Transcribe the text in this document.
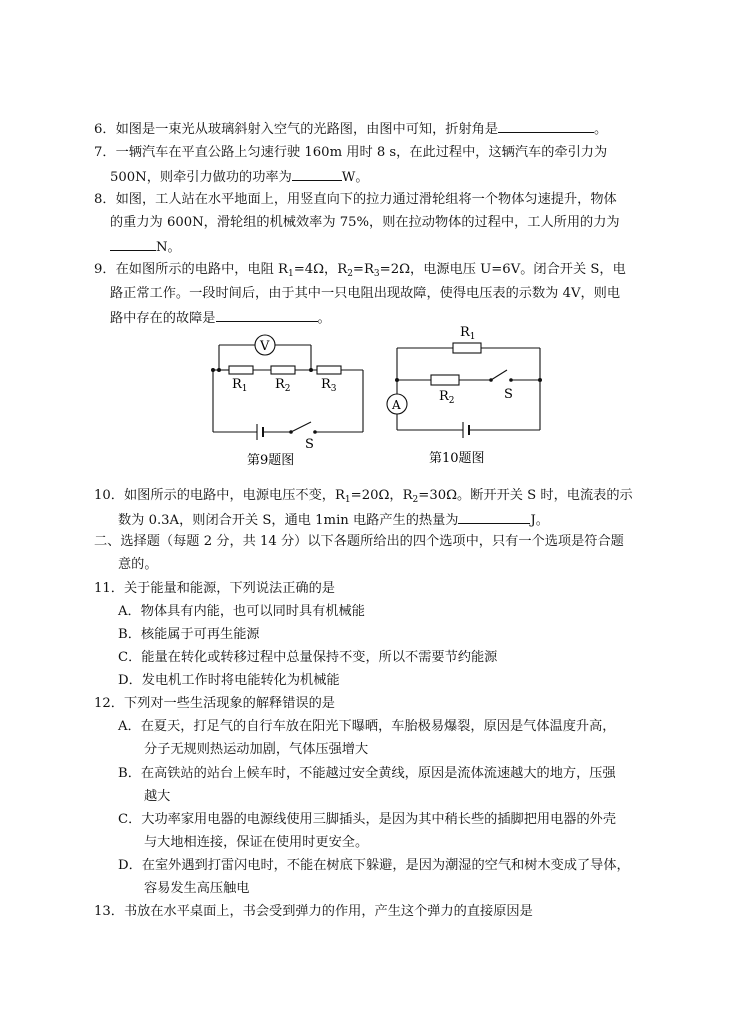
6．如图是一束光从玻璃斜射入空气的光路图，由图中可知，折射角是	。
7．一辆汽车在平直公路上匀速行驶 160m 用时 8 s，在此过程中，这辆汽车的牵引力为
500N，则牵引力做功的功率为	W。
8．如图，工人站在水平地面上，用竖直向下的拉力通过滑轮组将一个物体匀速提升，物体
的重力为 600N，滑轮组的机械效率为 75%，则在拉动物体的过程中，工人所用的力为
N。
9．在如图所示的电路中，电阻 $R_1=4\Omega$，$R_2=R_3=2\Omega$，电源电压 U=6V。闭合开关 S，电
路正常工作。一段时间后，由于其中一只电阻出现故障，使得电压表的示数为 4V，则电
路中存在的故障是	。
V
$R_1$ $R_2$ $R_3$
S
第9题图
$R_1$
$R_2$	S
A
第10题图
10．如图所示的电路中，电源电压不变，$R_1=20\Omega$，$R_2=30\Omega$。断开开关 S 时，电流表的示
数为 0.3A，则闭合开关 S，通电 1min 电路产生的热量为	J。
二、选择题（每题 2 分，共 14 分）以下各题所给出的四个选项中，只有一个选项是符合题
意的。
11．关于能量和能源，下列说法正确的是
A．物体具有内能，也可以同时具有机械能
B．核能属于可再生能源
C．能量在转化或转移过程中总量保持不变，所以不需要节约能源
D．发电机工作时将电能转化为机械能
12．下列对一些生活现象的解释错误的是
A．在夏天，打足气的自行车放在阳光下曝晒，车胎极易爆裂，原因是气体温度升高，
分子无规则热运动加剧，气体压强增大
B．在高铁站的站台上候车时，不能越过安全黄线，原因是流体流速越大的地方，压强
越大
C．大功率家用电器的电源线使用三脚插头，是因为其中稍长些的插脚把用电器的外壳
与大地相连接，保证在使用时更安全。
D．在室外遇到打雷闪电时，不能在树底下躲避，是因为潮湿的空气和树木变成了导体，
容易发生高压触电
13．书放在水平桌面上，书会受到弹力的作用，产生这个弹力的直接原因是
